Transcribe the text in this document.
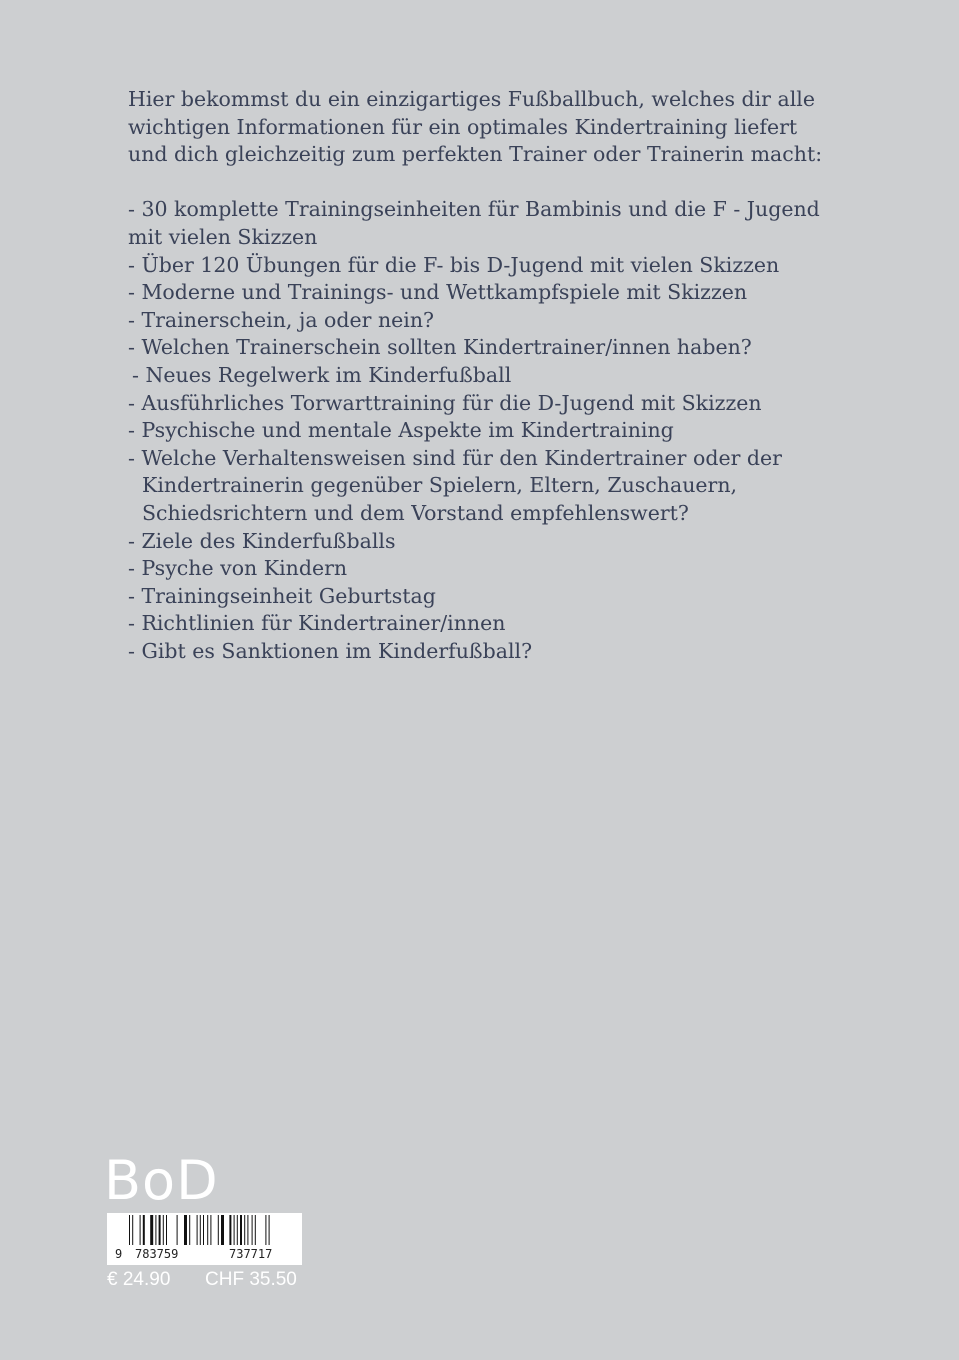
Hier bekommst du ein einzigartiges Fußballbuch, welches dir alle wichtigen Informationen für ein optimales Kindertraining liefert und dich gleichzeitig zum perfekten Trainer oder Trainerin macht:

- 30 komplette Trainingseinheiten für Bambinis und die F - Jugend mit vielen Skizzen
- Über 120 Übungen für die F- bis D-Jugend mit vielen Skizzen
- Moderne und Trainings- und Wettkampfspiele mit Skizzen
- Trainerschein, ja oder nein?
- Welchen Trainerschein sollten Kindertrainer/innen haben?
- Neues Regelwerk im Kinderfußball
- Ausführliches Torwarttraining für die D-Jugend mit Skizzen
- Psychische und mentale Aspekte im Kindertraining
- Welche Verhaltensweisen sind für den Kindertrainer oder der
Kindertrainerin gegenüber Spielern, Eltern, Zuschauern,
Schiedsrichtern und dem Vorstand empfehlenswert?
- Ziele des Kinderfußballs
- Psyche von Kindern
- Trainingseinheit Geburtstag
- Richtlinien für Kindertrainer/innen
- Gibt es Sanktionen im Kinderfußball?
BoD
9 783759	737717
€ 24.90 CHF 35.50
